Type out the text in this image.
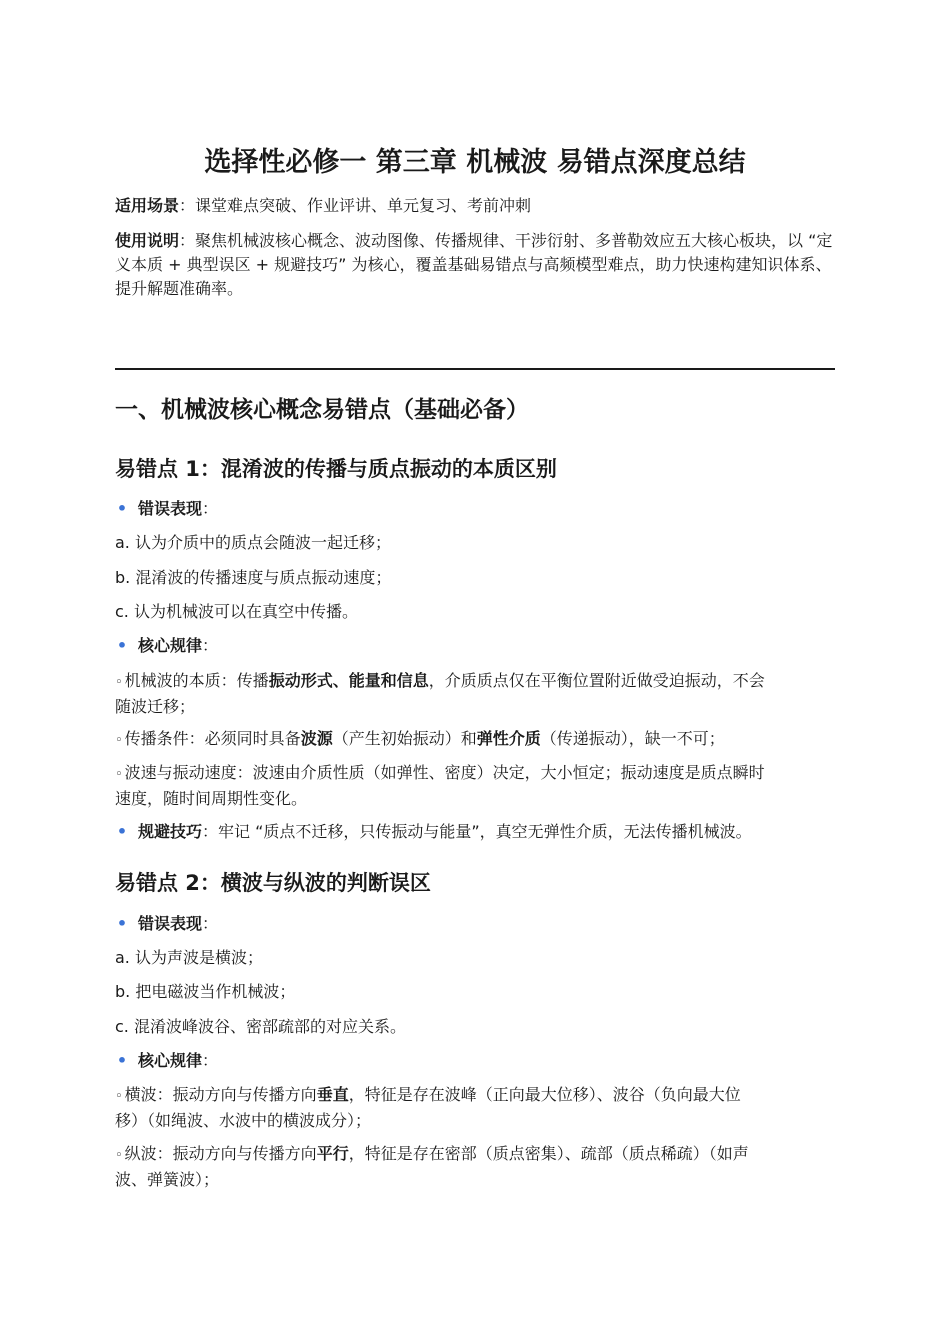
选择性必修一 第三章 机械波 易错点深度总结

适用场景：课堂难点突破、作业评讲、单元复习、考前冲刺

使用说明：聚焦机械波核心概念、波动图像、传播规律、干涉衍射、多普勒效应五大核心板块，以 “定义本质 + 典型误区 + 规避技巧” 为核心，覆盖基础易错点与高频模型难点，助力快速构建知识体系、提升解题准确率。

一、机械波核心概念易错点（基础必备）
易错点 1：混淆波的传播与质点振动的本质区别

• 错误表现：

a. 认为介质中的质点会随波一起迁移；

b. 混淆波的传播速度与质点振动速度；

c. 认为机械波可以在真空中传播。

• 核心规律：

◦ 机械波的本质：传播振动形式、能量和信息，介质质点仅在平衡位置附近做受迫振动，不会
随波迁移；

◦ 传播条件：必须同时具备波源（产生初始振动）和弹性介质（传递振动），缺一不可；

◦ 波速与振动速度：波速由介质性质（如弹性、密度）决定，大小恒定；振动速度是质点瞬时
速度，随时间周期性变化。

• 规避技巧：牢记 “质点不迁移，只传振动与能量”，真空无弹性介质，无法传播机械波。

易错点 2：横波与纵波的判断误区

• 错误表现：

a. 认为声波是横波；

b. 把电磁波当作机械波；

c. 混淆波峰波谷、密部疏部的对应关系。

• 核心规律：

◦ 横波：振动方向与传播方向垂直，特征是存在波峰（正向最大位移）、波谷（负向最大位
移）（如绳波、水波中的横波成分）；

◦ 纵波：振动方向与传播方向平行，特征是存在密部（质点密集）、疏部（质点稀疏）（如声
波、弹簧波）；
